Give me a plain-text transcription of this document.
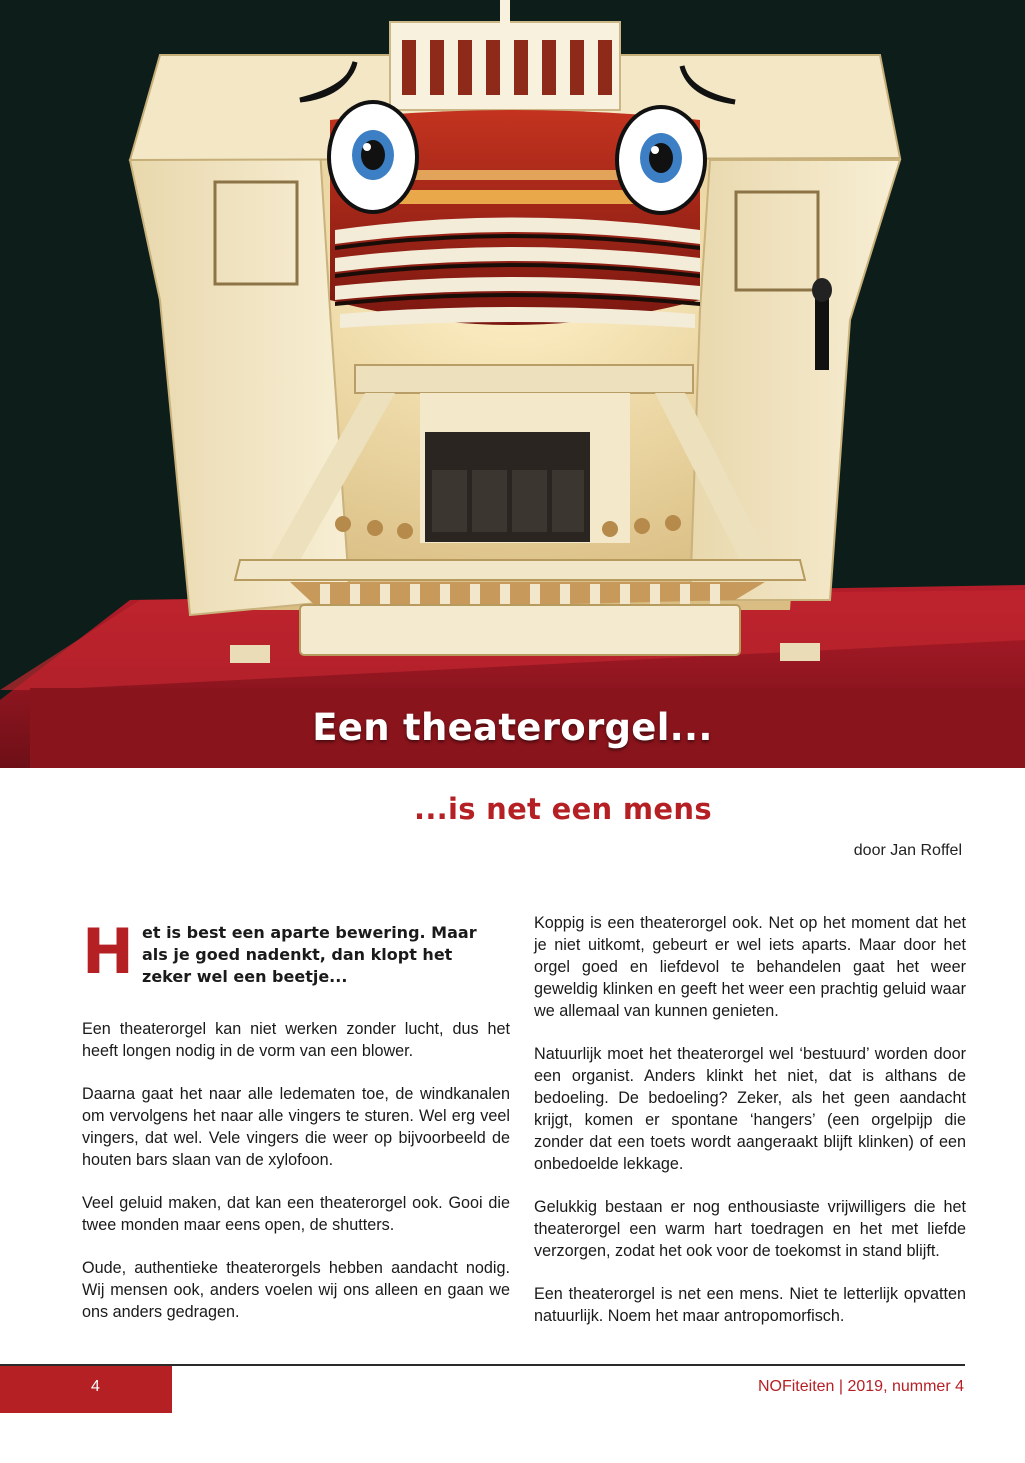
Een theaterorgel...
...is net een mens
door Jan Roffel
H et is best een aparte bewering. Maar als je goed nadenkt, dan klopt het zeker wel een beetje...

Een theaterorgel kan niet werken zonder lucht, dus het heeft longen nodig in de vorm van een blower.

Daarna gaat het naar alle ledematen toe, de windkanalen om vervolgens het naar alle vingers te sturen. Wel erg veel vingers, dat wel. Vele vingers die weer op bijvoorbeeld de houten bars slaan van de xylofoon.

Veel geluid maken, dat kan een theaterorgel ook. Gooi die twee monden maar eens open, de shutters.

Oude, authentieke theaterorgels hebben aandacht nodig. Wij mensen ook, anders voelen wij ons alleen en gaan we ons anders gedragen.

Koppig is een theaterorgel ook. Net op het moment dat het je niet uitkomt, gebeurt er wel iets aparts. Maar door het orgel goed en liefdevol te behandelen gaat het weer geweldig klinken en geeft het weer een prachtig geluid waar we allemaal van kunnen genieten.

Natuurlijk moet het theaterorgel wel ‘bestuurd’ worden door een organist. Anders klinkt het niet, dat is althans de bedoeling. De bedoeling? Zeker, als het geen aandacht krijgt, komen er spontane ‘hangers’ (een orgelpijp die zonder dat een toets wordt aangeraakt blijft klinken) of een onbedoelde lekkage.

Gelukkig bestaan er nog enthousiaste vrijwilligers die het theaterorgel een warm hart toedragen en het met liefde verzorgen, zodat het ook voor de toekomst in stand blijft.

Een theaterorgel is net een mens. Niet te letterlijk opvatten natuurlijk. Noem het maar antropomorfisch.

4	NOFiteiten | 2019, nummer 4
